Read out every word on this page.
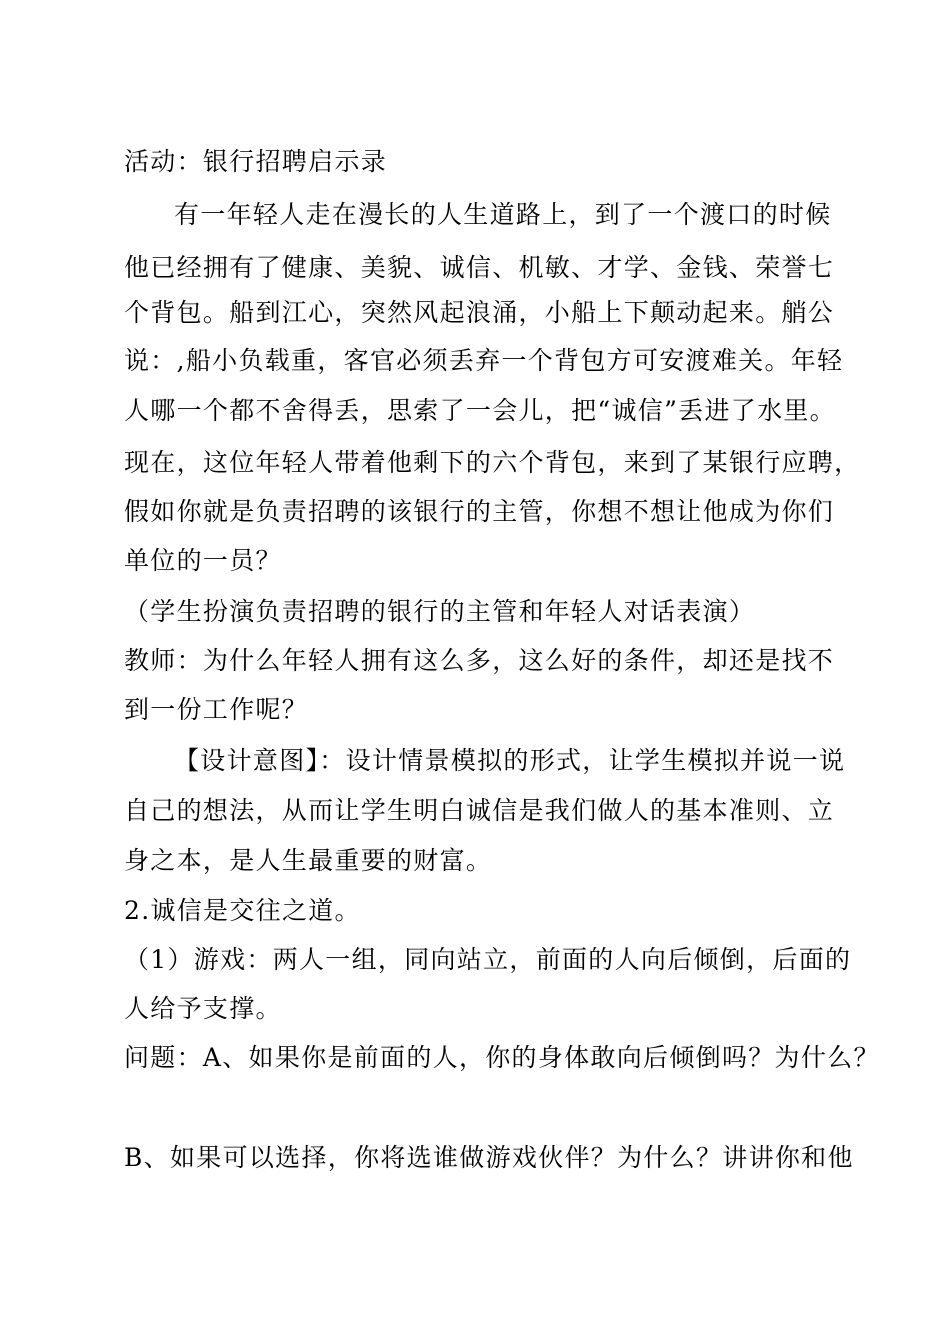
活动：银行招聘启示录
有一年轻人走在漫长的人生道路上，到了一个渡口的时候
他已经拥有了健康、美貌、诚信、机敏、才学、金钱、荣誉七
个背包。船到江心，突然风起浪涌，小船上下颠动起来。艄公
说：,船小负载重，客官必须丢弃一个背包方可安渡难关。年轻
人哪一个都不舍得丢，思索了一会儿，把“诚信”丢进了水里。
现在，这位年轻人带着他剩下的六个背包，来到了某银行应聘，
假如你就是负责招聘的该银行的主管，你想不想让他成为你们
单位的一员？
（学生扮演负责招聘的银行的主管和年轻人对话表演）
教师：为什么年轻人拥有这么多，这么好的条件，却还是找不
到一份工作呢？
【设计意图】：设计情景模拟的形式，让学生模拟并说一说
自己的想法，从而让学生明白诚信是我们做人的基本准则、立
身之本，是人生最重要的财富。
2.诚信是交往之道。
（1）游戏：两人一组，同向站立，前面的人向后倾倒，后面的
人给予支撑。
问题：A、如果你是前面的人，你的身体敢向后倾倒吗？为什么？
B、如果可以选择，你将选谁做游戏伙伴？为什么？讲讲你和他
